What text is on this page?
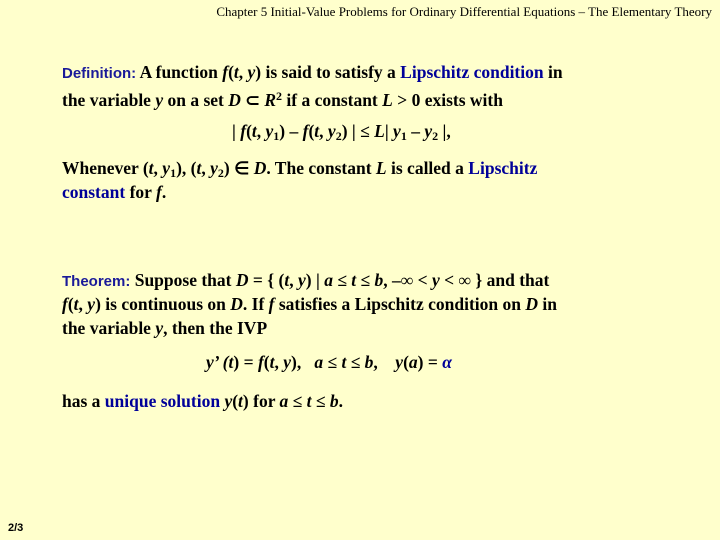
Chapter 5 Initial-Value Problems for Ordinary Differential Equations – The Elementary Theory
Definition: A function f(t, y) is said to satisfy a Lipschitz condition in
the variable y on a set D ⊂ $R^2$ if a constant L > 0 exists with
| f(t, $y_1) - f(t$, $y_2$) | ≤ L| $y_1 - y_2$ |,
Whenever (t, $y_1$), (t, $y_2$) ∈ D. The constant L is called a Lipschitz
constant for f.
Theorem: Suppose that D = { (t, y) | a ≤ t ≤ b, –∞ < y < ∞ } and that
f(t, y) is continuous on D. If f satisfies a Lipschitz condition on D in
the variable y, then the IVP
y’ (t) = f(t, y),   a ≤ t ≤ b,    y(a) = α
has a unique solution y(t) for a ≤ t ≤ b.
2/3
